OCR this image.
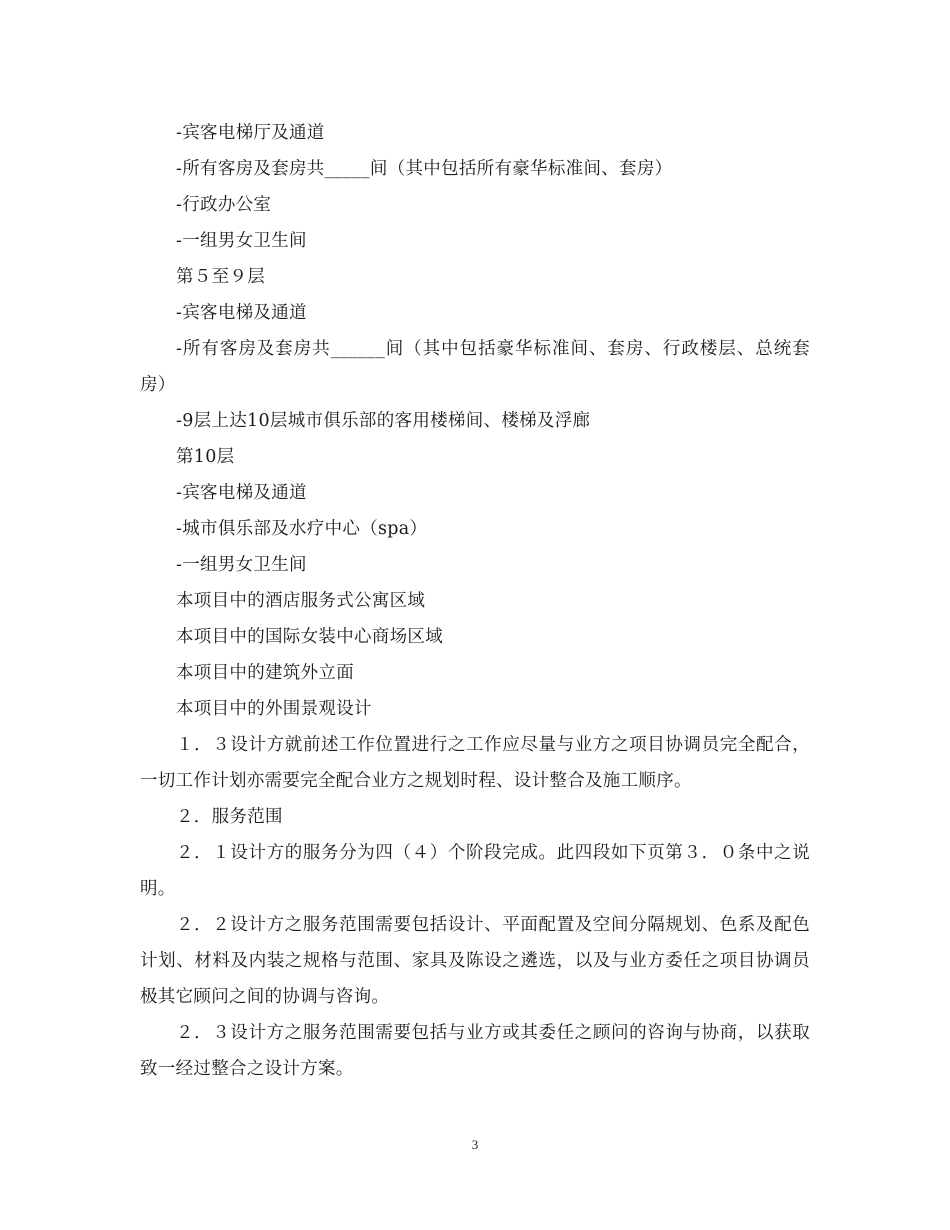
-宾客电梯厅及通道
-所有客房及套房共_____间（其中包括所有豪华标准间、套房）
-行政办公室
-一组男女卫生间
第５至９层
-宾客电梯及通道
-所有客房及套房共______间（其中包括豪华标准间、套房、行政楼层、总统套房）
-9层上达10层城市俱乐部的客用楼梯间、楼梯及浮廊
第10层
-宾客电梯及通道
-城市俱乐部及水疗中心（spa）
-一组男女卫生间
本项目中的酒店服务式公寓区域
本项目中的国际女装中心商场区域
本项目中的建筑外立面
本项目中的外围景观设计
１．３设计方就前述工作位置进行之工作应尽量与业方之项目协调员完全配合，一切工作计划亦需要完全配合业方之规划时程、设计整合及施工顺序。
２．服务范围
２．１设计方的服务分为四（４）个阶段完成。此四段如下页第３．０条中之说明。
２．２设计方之服务范围需要包括设计、平面配置及空间分隔规划、色系及配色计划、材料及内装之规格与范围、家具及陈设之遴选，以及与业方委任之项目协调员极其它顾问之间的协调与咨询。
２．３设计方之服务范围需要包括与业方或其委任之顾问的咨询与协商，以获取致一经过整合之设计方案。
3
